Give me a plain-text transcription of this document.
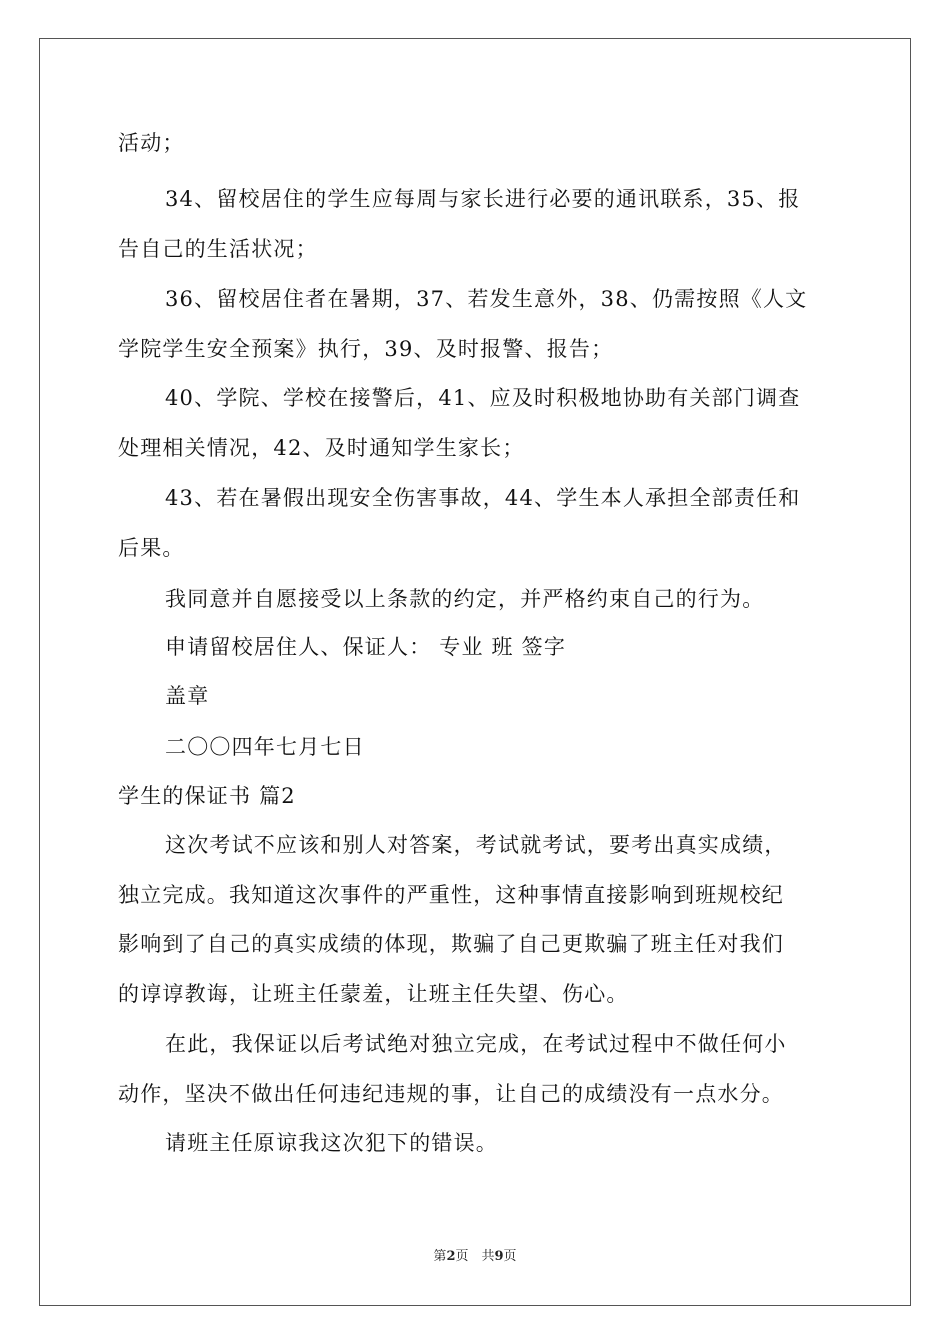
活动；
34、留校居住的学生应每周与家长进行必要的通讯联系，35、报
告自己的生活状况；
36、留校居住者在暑期，37、若发生意外，38、仍需按照《人文
学院学生安全预案》执行，39、及时报警、报告；
40、学院、学校在接警后，41、应及时积极地协助有关部门调查
处理相关情况，42、及时通知学生家长；
43、若在暑假出现安全伤害事故，44、学生本人承担全部责任和
后果。
我同意并自愿接受以上条款的约定，并严格约束自己的行为。
申请留校居住人、保证人： 专业 班 签字
盖章
二〇〇四年七月七日
学生的保证书 篇2
这次考试不应该和别人对答案，考试就考试，要考出真实成绩，
独立完成。我知道这次事件的严重性，这种事情直接影响到班规校纪
影响到了自己的真实成绩的体现，欺骗了自己更欺骗了班主任对我们
的谆谆教诲，让班主任蒙羞，让班主任失望、伤心。
在此，我保证以后考试绝对独立完成，在考试过程中不做任何小
动作，坚决不做出任何违纪违规的事，让自己的成绩没有一点水分。
请班主任原谅我这次犯下的错误。
第2页　共9页
